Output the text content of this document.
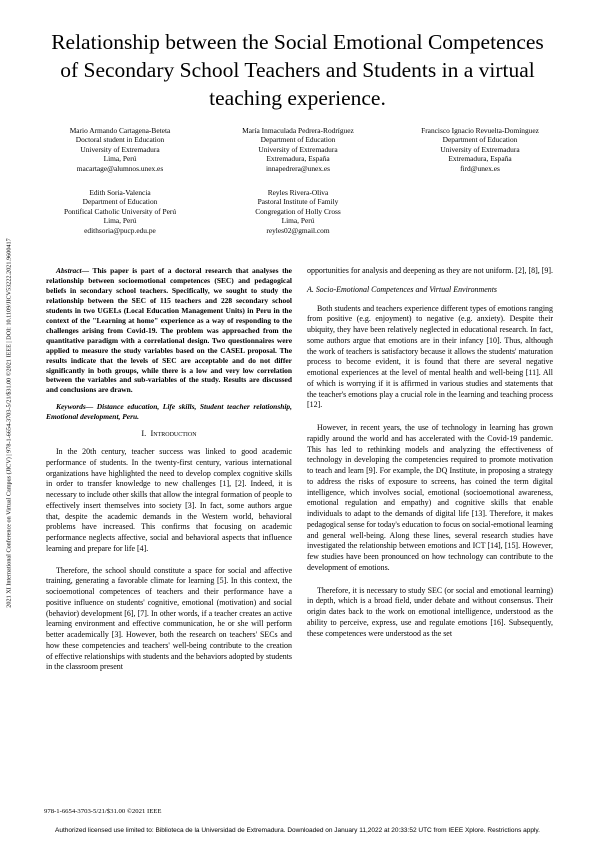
2021 XI International Conference on Virtual Campus (JICV) | 978-1-6654-3703-5/21/$31.00 ©2021 IEEE | DOI: 10.1109/JICV53222.2021.9600417
Relationship between the Social Emotional Competences of Secondary School Teachers and Students in a virtual teaching experience.
Mario Armando Cartagena-Beteta
Doctoral student in Education
University of Extremadura
Lima, Perú
macartage@alumnos.unex.es
María Inmaculada Pedrera-Rodríguez
Department of Education
University of Extremadura
Extremadura, España
innapedrera@unex.es
Francisco Ignacio Revuelta-Domínguez
Department of Education
University of Extremadura
Extremadura, España
fird@unex.es
Edith Soria-Valencia
Department of Education
Pontifical Catholic University of Perú
Lima, Perú
edithsoria@pucp.edu.pe
Reyles Rivera-Oliva
Pastoral Institute of Family
Congregation of Holly Cross
Lima, Perú
reyles02@gmail.com

Abstract— This paper is part of a doctoral research that analyses the relationship between socioemotional competences (SEC) and pedagogical beliefs in secondary school teachers. Specifically, we sought to study the relationship between the SEC of 115 teachers and 228 secondary school students in two UGELs (Local Education Management Units) in Peru in the context of the "Learning at home" experience as a way of responding to the challenges arising from Covid-19. The problem was approached from the quantitative paradigm with a correlational design. Two questionnaires were applied to measure the study variables based on the CASEL proposal. The results indicate that the levels of SEC are acceptable and do not differ significantly in both groups, while there is a low and very low correlation between the variables and sub-variables of the study. Results are discussed and conclusions are drawn.

Keywords— Distance education, Life skills, Student teacher relationship, Emotional development, Peru.

I. Introduction

In the 20th century, teacher success was linked to good academic performance of students. In the twenty-first century, various international organizations have highlighted the need to develop complex cognitive skills in order to transfer knowledge to new challenges [1], [2]. Indeed, it is necessary to include other skills that allow the integral formation of people to effectively insert themselves into society [3]. In fact, some authors argue that, despite the academic demands in the Western world, behavioral problems have increased. This confirms that focusing on academic performance neglects affective, social and behavioral aspects that influence learning and prepare for life [4].

Therefore, the school should constitute a space for social and affective training, generating a favorable climate for learning [5]. In this context, the socioemotional competences of teachers and their performance have a positive influence on students' cognitive, emotional (motivation) and social (behavior) development [6], [7]. In other words, if a teacher creates an active learning environment and effective communication, he or she will perform better academically [3]. However, both the research on teachers' SECs and how these competencies and teachers' well-being contribute to the creation of effective relationships with students and the behaviors adopted by students in the classroom present

opportunities for analysis and deepening as they are not uniform. [2], [8], [9].

A. Socio-Emotional Competences and Virtual Environments

Both students and teachers experience different types of emotions ranging from positive (e.g. enjoyment) to negative (e.g. anxiety). Despite their ubiquity, they have been relatively neglected in educational research. In fact, some authors argue that emotions are in their infancy [10]. Thus, although the work of teachers is satisfactory because it allows the students' maturation process to become evident, it is found that there are several negative emotional experiences at the level of mental health and well-being [11]. All of which is worrying if it is affirmed in various studies and statements that the teacher's emotions play a crucial role in the learning and teaching process [12].

However, in recent years, the use of technology in learning has grown rapidly around the world and has accelerated with the Covid-19 pandemic. This has led to rethinking models and analyzing the effectiveness of technology in developing the competencies required to promote motivation to teach and learn [9]. For example, the DQ Institute, in proposing a strategy to address the risks of exposure to screens, has coined the term digital intelligence, which involves social, emotional (socioemotional awareness, emotional regulation and empathy) and cognitive skills that enable individuals to adapt to the demands of digital life [13]. Therefore, it makes pedagogical sense for today's education to focus on social-emotional learning and general well-being. Along these lines, several research studies have investigated the relationship between emotions and ICT [14], [15]. However, few studies have been pronounced on how technology can contribute to the development of emotions.

Therefore, it is necessary to study SEC (or social and emotional learning) in depth, which is a broad field, under debate and without consensus. Their origin dates back to the work on emotional intelligence, understood as the ability to perceive, express, use and regulate emotions [16]. Subsequently, these competences were understood as the set

978-1-6654-3703-5/21/$31.00 ©2021 IEEE
Authorized licensed use limited to: Biblioteca de la Universidad de Extremadura. Downloaded on January 11,2022 at 20:33:52 UTC from IEEE Xplore. Restrictions apply.
